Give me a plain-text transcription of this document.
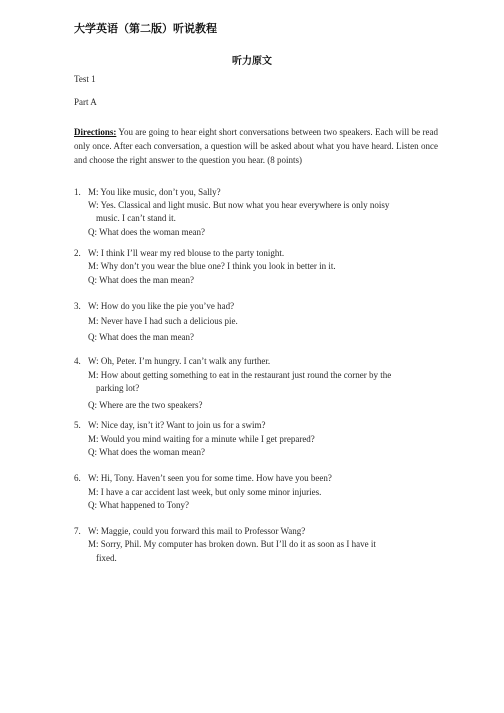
大学英语（第二版）听说教程
听力原文
Test 1
Part A
Directions: You are going to hear eight short conversations between two speakers. Each will be read only once. After each conversation, a question will be asked about what you have heard. Listen once and choose the right answer to the question you hear. (8 points)
1. M: You like music, don’t you, Sally?
W: Yes. Classical and light music. But now what you hear everywhere is only noisy
music. I can’t stand it.
Q: What does the woman mean?
2. W: I think I’ll wear my red blouse to the party tonight.
M: Why don’t you wear the blue one? I think you look in better in it.
Q: What does the man mean?
3. W: How do you like the pie you’ve had?
M: Never have I had such a delicious pie.
Q: What does the man mean?
4. W: Oh, Peter. I’m hungry. I can’t walk any further.
M: How about getting something to eat in the restaurant just round the corner by the
parking lot?
Q: Where are the two speakers?
5. W: Nice day, isn’t it? Want to join us for a swim?
M: Would you mind waiting for a minute while I get prepared?
Q: What does the woman mean?
6. W: Hi, Tony. Haven’t seen you for some time. How have you been?
M: I have a car accident last week, but only some minor injuries.
Q: What happened to Tony?
7. W: Maggie, could you forward this mail to Professor Wang?
M: Sorry, Phil. My computer has broken down. But I’ll do it as soon as I have it
fixed.
